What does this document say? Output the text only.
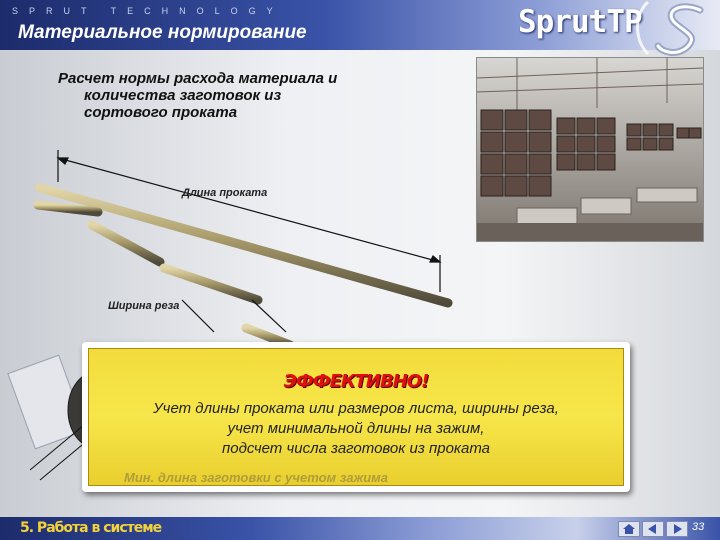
SPRUT TECHNOLOGY
Материальное нормирование	SprutTP
Расчет нормы расхода материала и
количества заготовок из
сортового проката
Длина проката
Ширина реза
ЭФФЕКТИВНО!
Учет длины проката или размеров листа, ширины реза,
учет минимальной длины на зажим,
подсчет числа заготовок из проката
Мин. длина заготовки с учетом зажима
5. Работа в системе	33
